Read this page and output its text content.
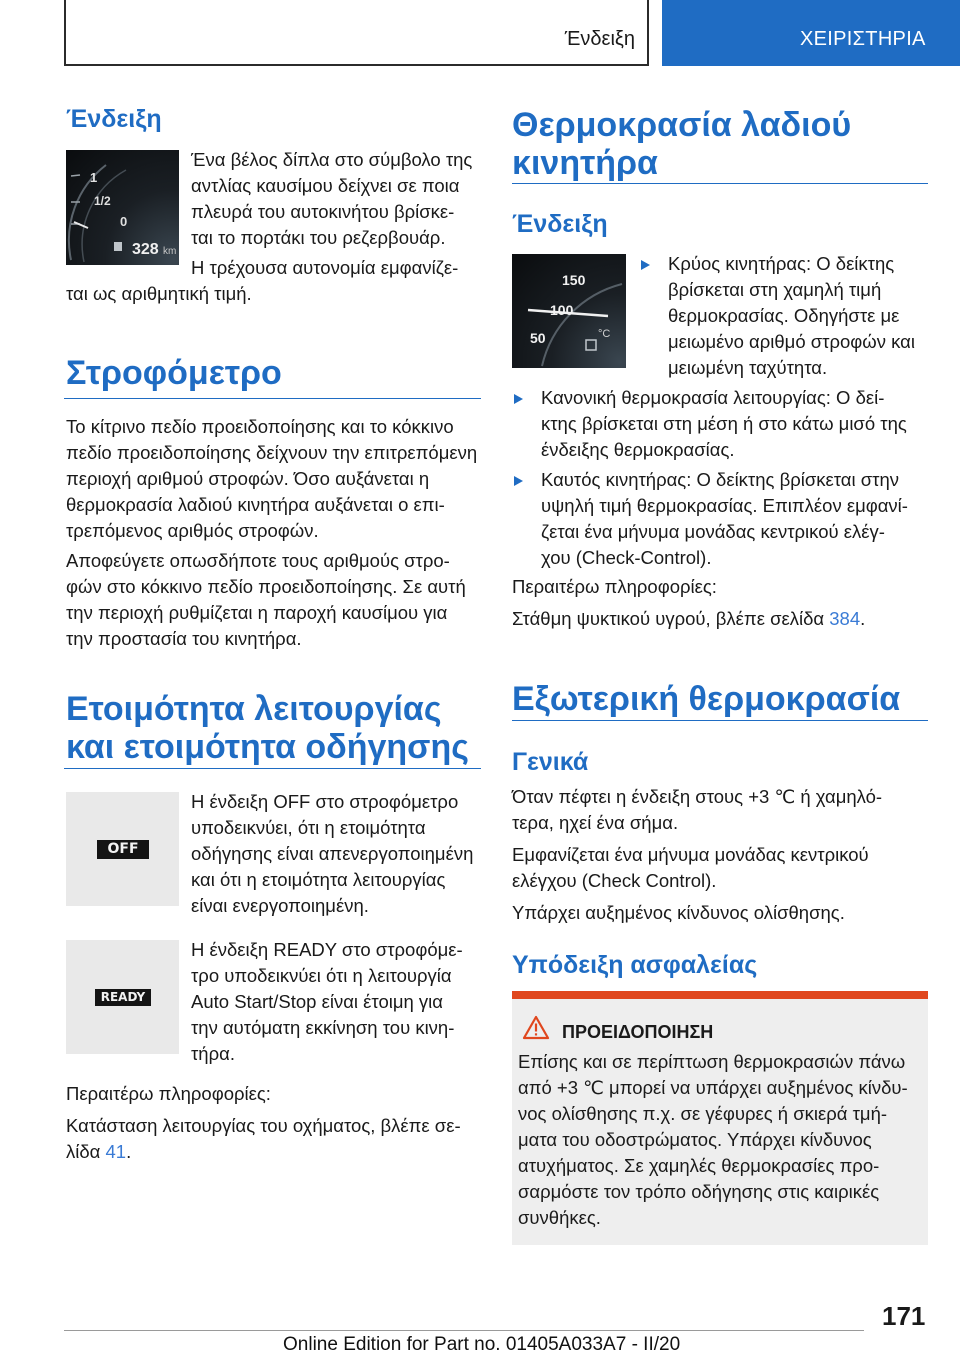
Ένδειξη	ΧΕΙΡΙΣΤΗΡΙΑ
Ένδειξη
1
1/2
0
328 km
Ένα βέλος δίπλα στο σύμβολο της
αντλίας καυσίμου δείχνει σε ποια
πλευρά του αυτοκινήτου βρίσκε-
ται το πορτάκι του ρεζερβουάρ.
Η τρέχουσα αυτονομία εμφανίζε-
ται ως αριθμητική τιμή.
Στροφόμετρο
Το κίτρινο πεδίο προειδοποίησης και το κόκκινο
πεδίο προειδοποίησης δείχνουν την επιτρεπόμενη
περιοχή αριθμού στροφών. Όσο αυξάνεται η
θερμοκρασία λαδιού κινητήρα αυξάνεται ο επι-
τρεπόμενος αριθμός στροφών.
Αποφεύγετε οπωσδήποτε τους αριθμούς στρο-
φών στο κόκκινο πεδίο προειδοποίησης. Σε αυτή
την περιοχή ρυθμίζεται η παροχή καυσίμου για
την προστασία του κινητήρα.
Ετοιμότητα λειτουργίας
και ετοιμότητα οδήγησης
OFF
Η ένδειξη OFF στο στροφόμετρο
υποδεικνύει, ότι η ετοιμότητα
οδήγησης είναι απενεργοποιημένη
και ότι η ετοιμότητα λειτουργίας
είναι ενεργοποιημένη.
READY
Η ένδειξη READY στο στροφόμε-
τρο υποδεικνύει ότι η λειτουργία
Auto Start/Stop είναι έτοιμη για
την αυτόματη εκκίνηση του κινη-
τήρα.
Περαιτέρω πληροφορίες:
Κατάσταση λειτουργίας του οχήματος, βλέπε σε-
λίδα 41.
Θερμοκρασία λαδιού
κινητήρα
Ένδειξη
150
100
50	°C
Κρύος κινητήρας: Ο δείκτης
βρίσκεται στη χαμηλή τιμή
θερμοκρασίας. Οδηγήστε με
μειωμένο αριθμό στροφών και
μειωμένη ταχύτητα.
Κανονική θερμοκρασία λειτουργίας: Ο δεί-
κτης βρίσκεται στη μέση ή στο κάτω μισό της
ένδειξης θερμοκρασίας.
Καυτός κινητήρας: Ο δείκτης βρίσκεται στην
υψηλή τιμή θερμοκρασίας. Επιπλέον εμφανί-
ζεται ένα μήνυμα μονάδας κεντρικού ελέγ-
χου (Check-Control).
Περαιτέρω πληροφορίες:
Στάθμη ψυκτικού υγρού, βλέπε σελίδα 384.
Εξωτερική θερμοκρασία
Γενικά
Όταν πέφτει η ένδειξη στους +3 ℃ ή χαμηλό-
τερα, ηχεί ένα σήμα.
Εμφανίζεται ένα μήνυμα μονάδας κεντρικού
ελέγχου (Check Control).
Υπάρχει αυξημένος κίνδυνος ολίσθησης.
Υπόδειξη ασφαλείας
ΠΡΟΕΙΔΟΠΟΙΗΣΗ
Επίσης και σε περίπτωση θερμοκρασιών πάνω
από +3 ℃ μπορεί να υπάρχει αυξημένος κίνδυ-
νος ολίσθησης π.χ. σε γέφυρες ή σκιερά τμή-
ματα του οδοστρώματος. Υπάρχει κίνδυνος
ατυχήματος. Σε χαμηλές θερμοκρασίες προ-
σαρμόστε τον τρόπο οδήγησης στις καιρικές
συνθήκες.
171
Online Edition for Part no. 01405A033A7 - II/20
